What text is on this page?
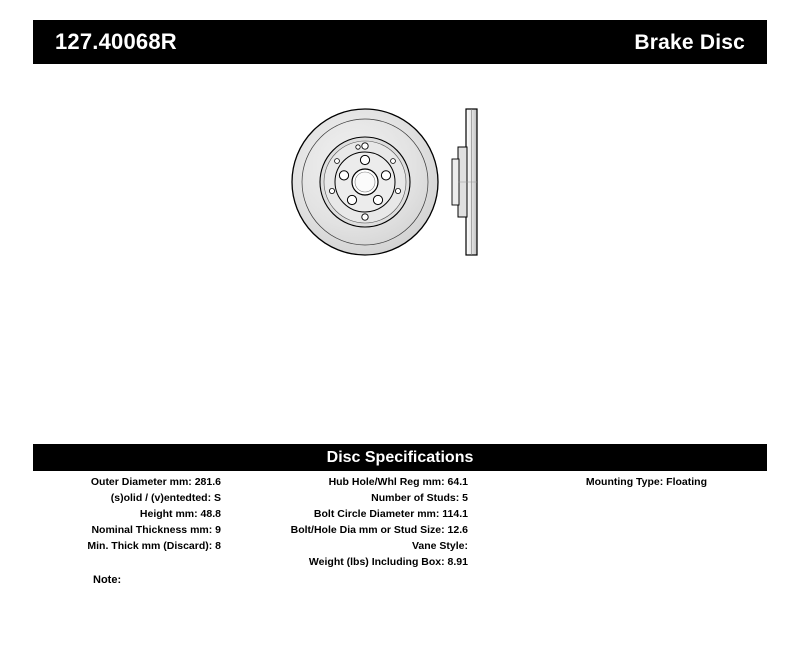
127.40068R	Brake Disc
Disc Specifications
Outer Diameter mm: 281.6
(s)olid / (v)entedted: S
Height mm: 48.8
Nominal Thickness mm: 9
Min. Thick mm (Discard): 8
Hub Hole/Whl Reg mm: 64.1
Number of Studs: 5
Bolt Circle Diameter mm: 114.1
Bolt/Hole Dia mm or Stud Size: 12.6
Vane Style:
Weight (lbs) Including Box: 8.91
Mounting Type: Floating
Note:
